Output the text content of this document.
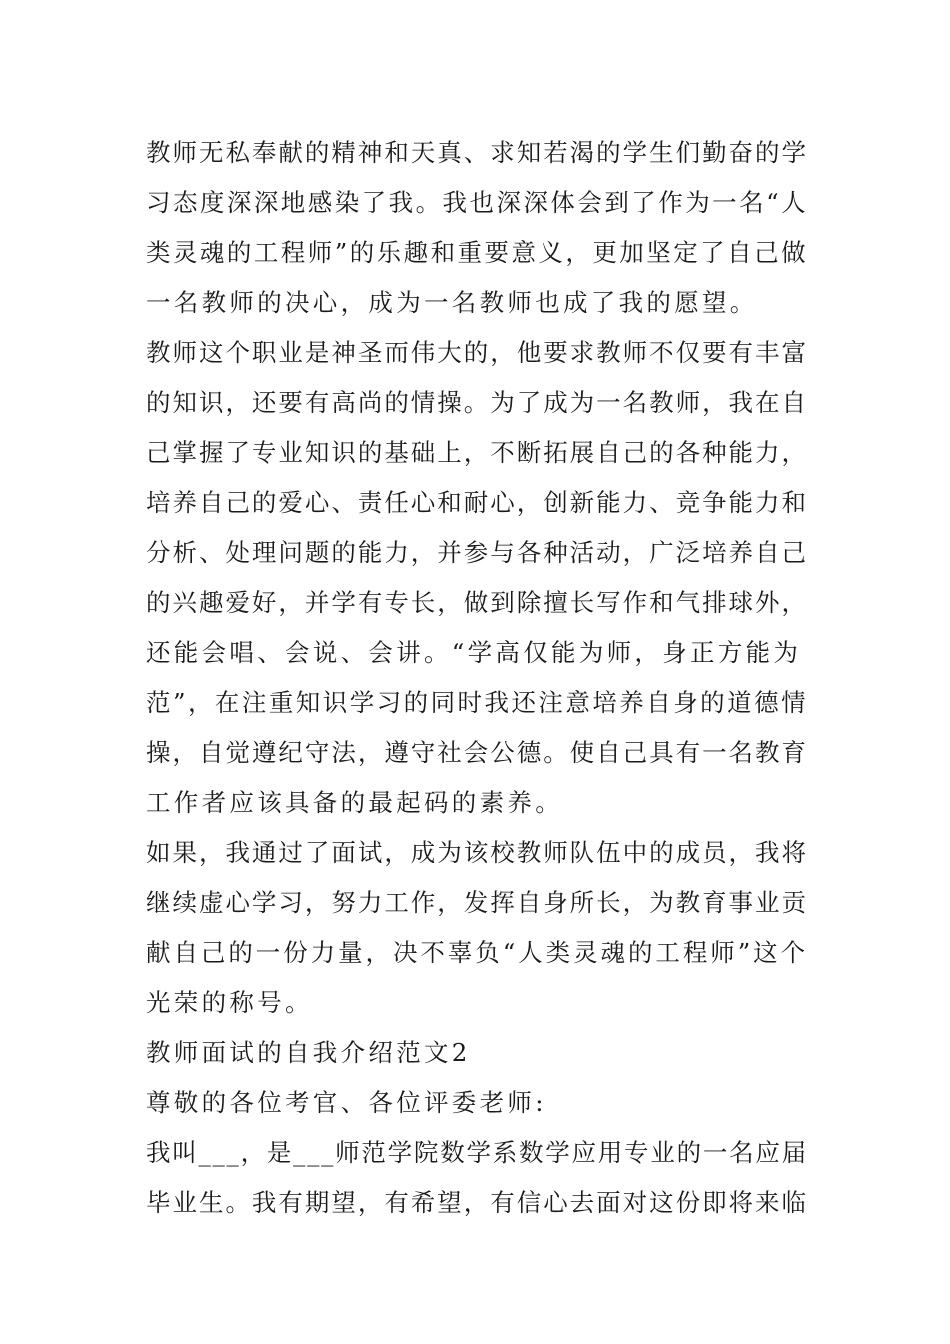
教师无私奉献的精神和天真、求知若渴的学生们勤奋的学
习态度深深地感染了我。我也深深体会到了作为一名“人
类灵魂的工程师”的乐趣和重要意义，更加坚定了自己做
一名教师的决心，成为一名教师也成了我的愿望。
教师这个职业是神圣而伟大的，他要求教师不仅要有丰富
的知识，还要有高尚的情操。为了成为一名教师，我在自
己掌握了专业知识的基础上，不断拓展自己的各种能力，
培养自己的爱心、责任心和耐心，创新能力、竞争能力和
分析、处理问题的能力，并参与各种活动，广泛培养自己
的兴趣爱好，并学有专长，做到除擅长写作和气排球外，
还能会唱、会说、会讲。“学高仅能为师，身正方能为
范”，在注重知识学习的同时我还注意培养自身的道德情
操，自觉遵纪守法，遵守社会公德。使自己具有一名教育
工作者应该具备的最起码的素养。
如果，我通过了面试，成为该校教师队伍中的成员，我将
继续虚心学习，努力工作，发挥自身所长，为教育事业贡
献自己的一份力量，决不辜负“人类灵魂的工程师”这个
光荣的称号。
教师面试的自我介绍范文2
尊敬的各位考官、各位评委老师:
我叫___，是___师范学院数学系数学应用专业的一名应届
毕业生。我有期望，有希望，有信心去面对这份即将来临
